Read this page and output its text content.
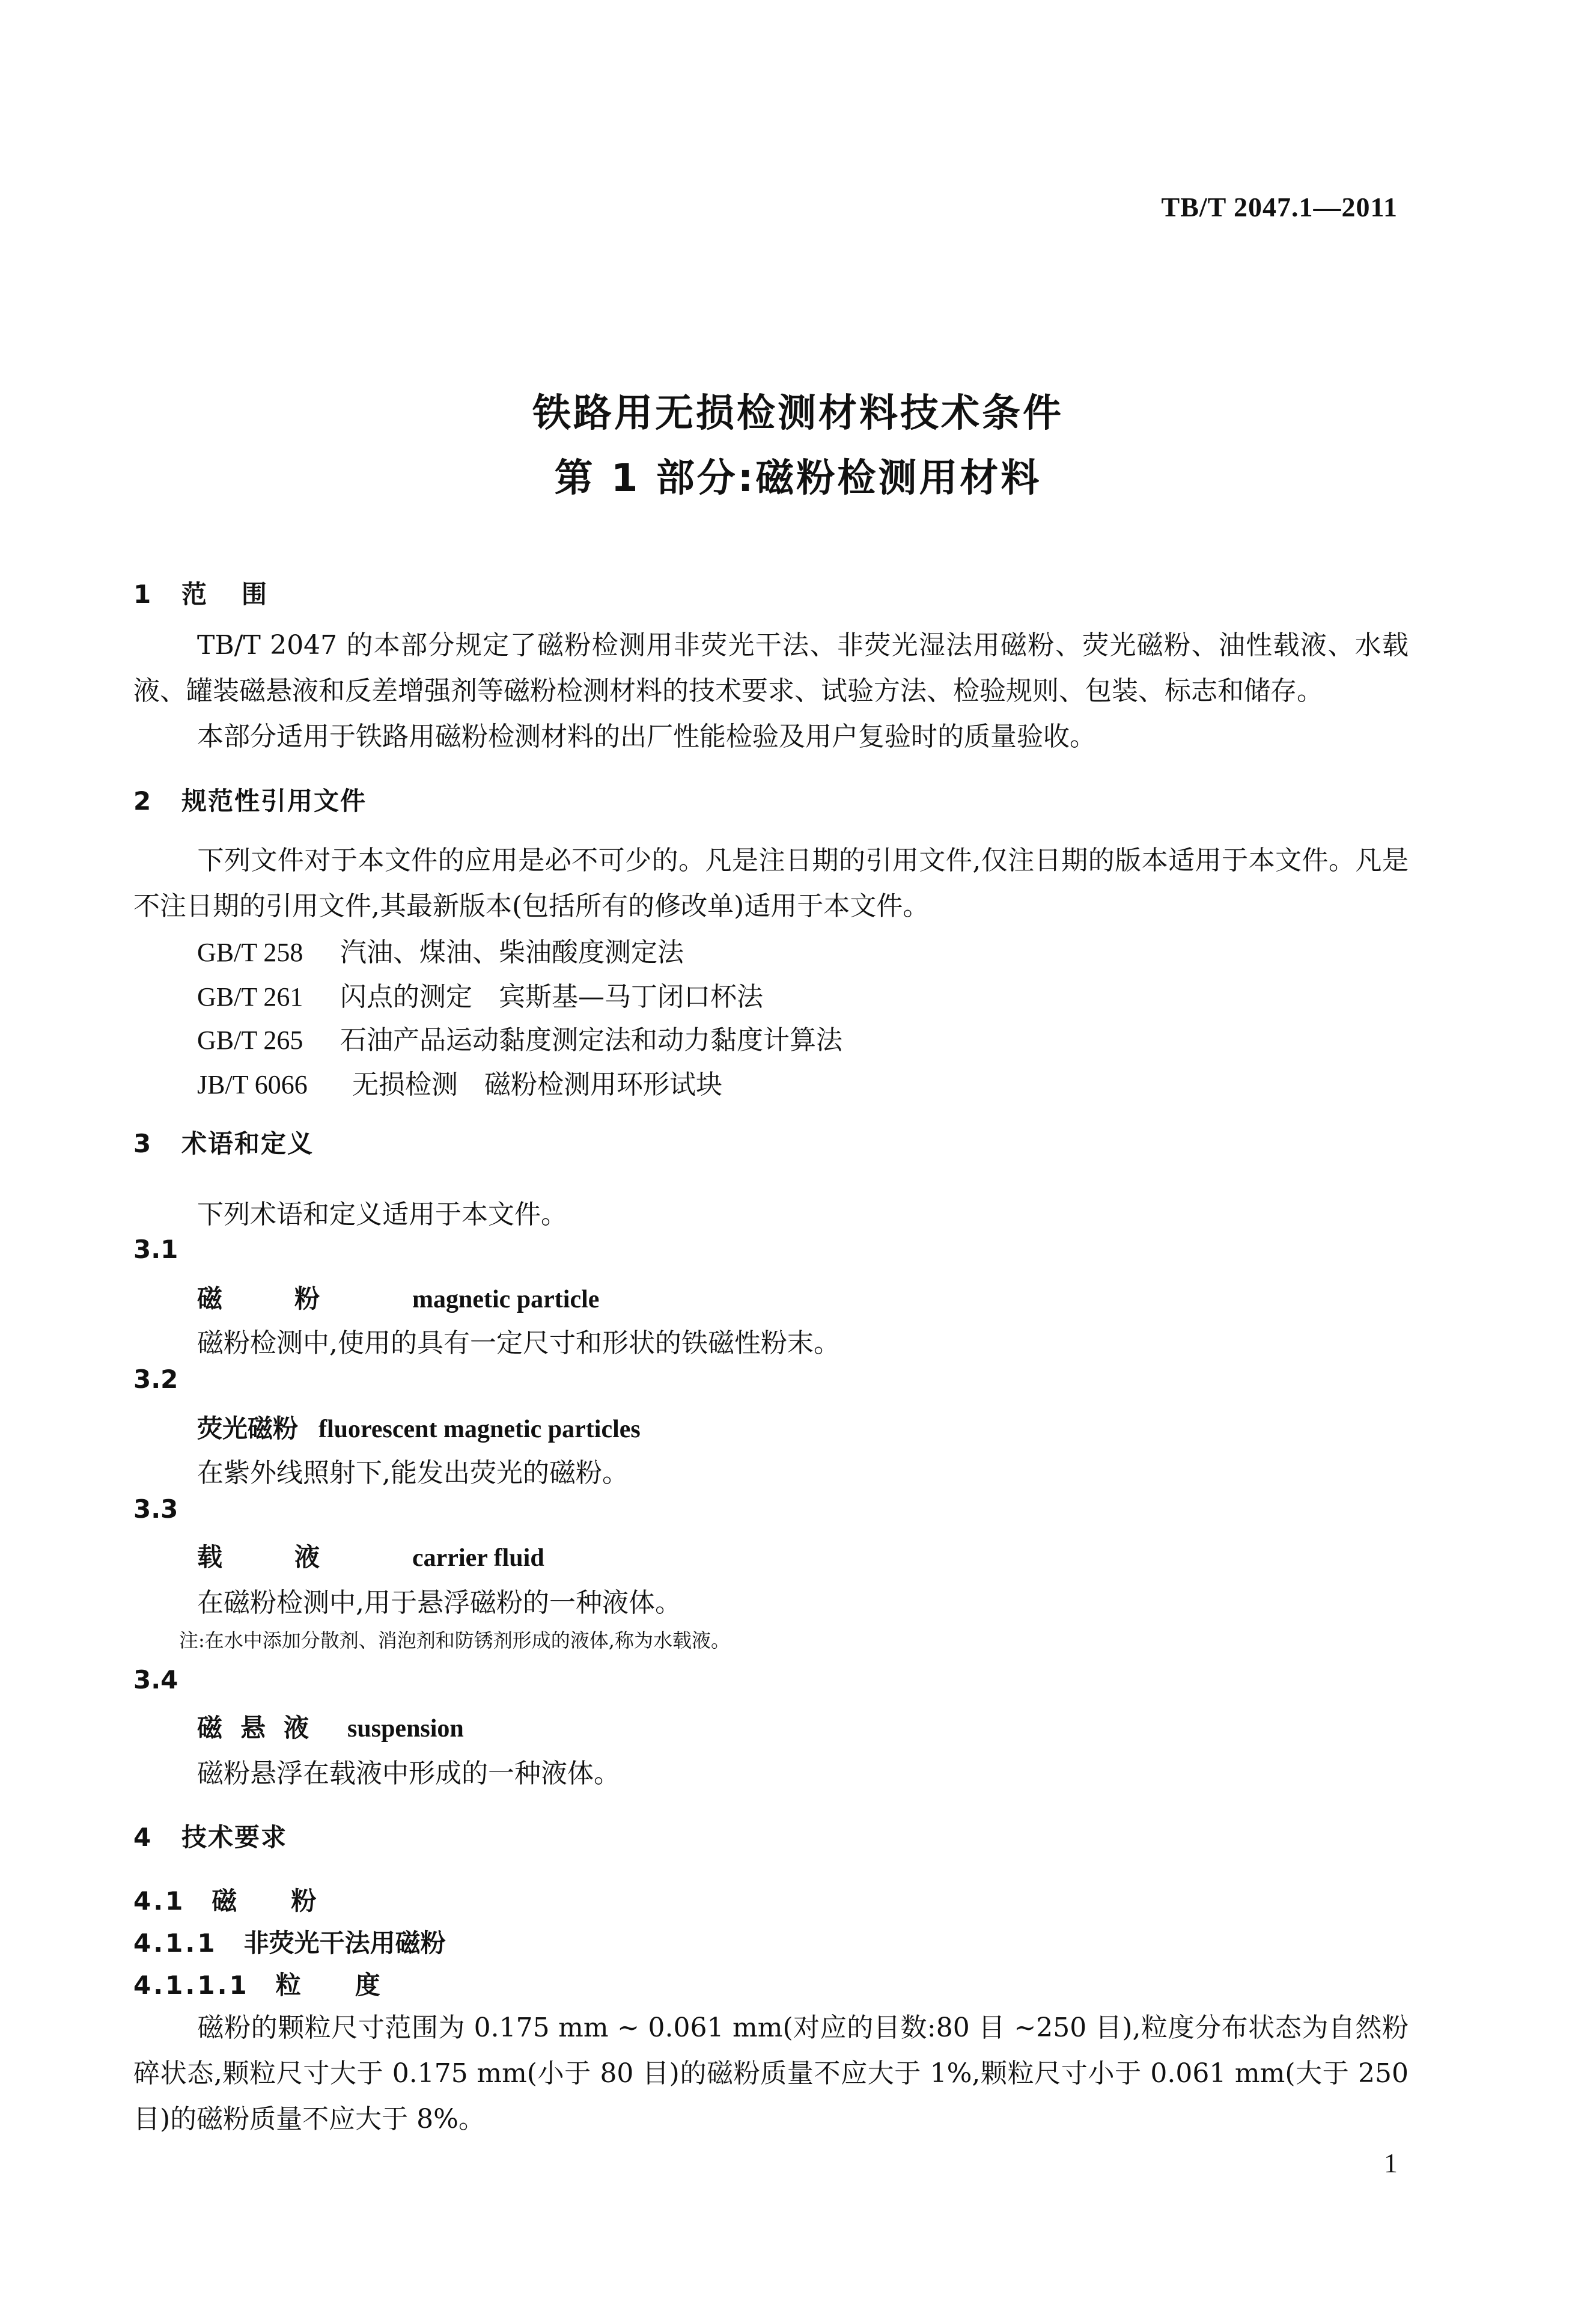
TB/T 2047.1—2011
铁路用无损检测材料技术条件
第 1 部分:磁粉检测用材料
1 范围
TB/T 2047 的本部分规定了磁粉检测用非荧光干法、非荧光湿法用磁粉、荧光磁粉、油性载液、水载液、罐装磁悬液和反差增强剂等磁粉检测材料的技术要求、试验方法、检验规则、包装、标志和储存。
本部分适用于铁路用磁粉检测材料的出厂性能检验及用户复验时的质量验收。
2 规范性引用文件
下列文件对于本文件的应用是必不可少的。凡是注日期的引用文件,仅注日期的版本适用于本文件。凡是不注日期的引用文件,其最新版本(包括所有的修改单)适用于本文件。
GB/T 258 汽油、煤油、柴油酸度测定法
GB/T 261 闪点的测定　宾斯基—马丁闭口杯法
GB/T 265 石油产品运动黏度测定法和动力黏度计算法
JB/T 6066 无损检测　磁粉检测用环形试块
3 术语和定义
下列术语和定义适用于本文件。
3.1
磁粉 magnetic particle
磁粉检测中,使用的具有一定尺寸和形状的铁磁性粉末。
3.2
荧光磁粉 fluorescent magnetic particles
在紫外线照射下,能发出荧光的磁粉。
3.3
载液 carrier fluid
在磁粉检测中,用于悬浮磁粉的一种液体。
注:在水中添加分散剂、消泡剂和防锈剂形成的液体,称为水载液。
3.4
磁悬液 suspension
磁粉悬浮在载液中形成的一种液体。
4 技术要求
4.1 磁粉
4.1.1 非荧光干法用磁粉
4.1.1.1 粒度
磁粉的颗粒尺寸范围为 0.175 mm ~ 0.061 mm(对应的目数:80 目 ~250 目),粒度分布状态为自然粉碎状态,颗粒尺寸大于 0.175 mm(小于 80 目)的磁粉质量不应大于 1%,颗粒尺寸小于 0.061 mm(大于 250 目)的磁粉质量不应大于 8%。
1
